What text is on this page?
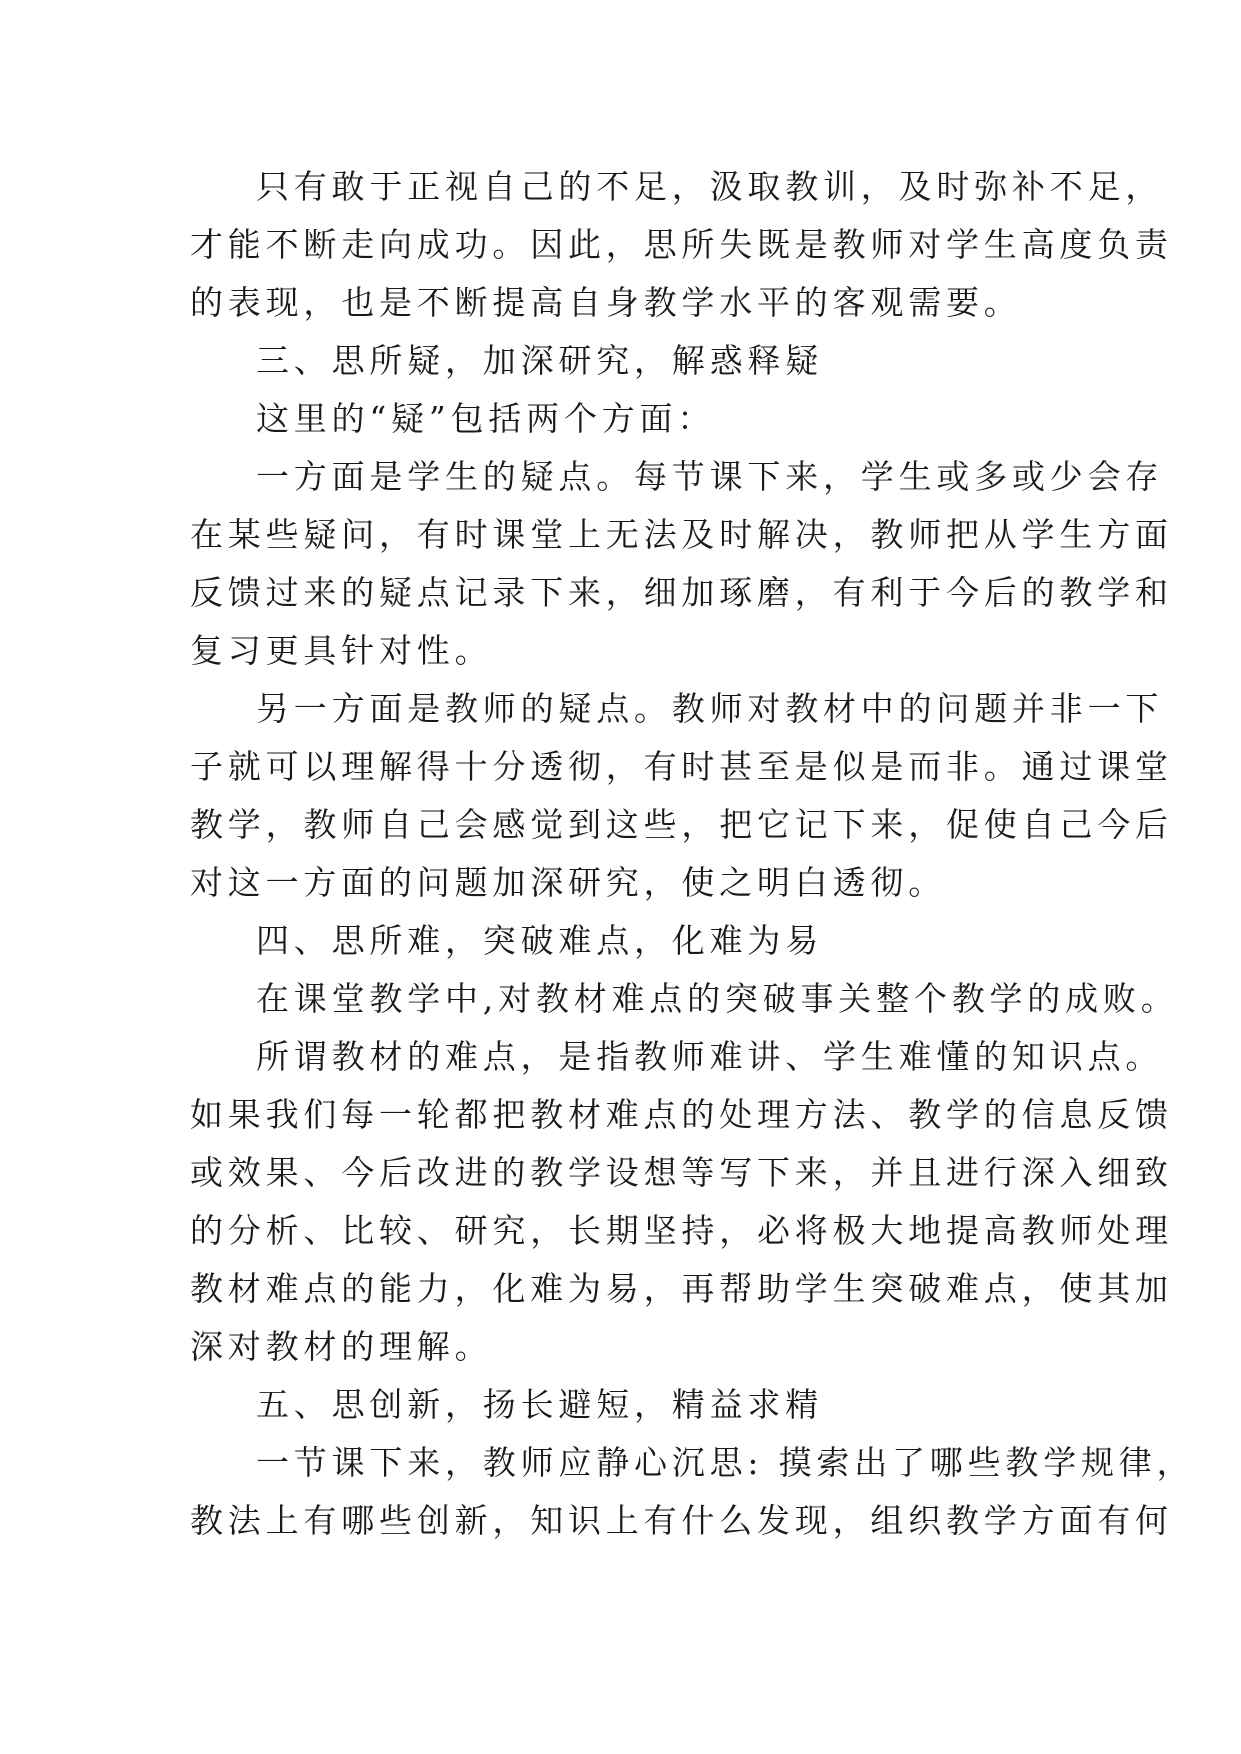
只有敢于正视自己的不足，汲取教训，及时弥补不足，
才能不断走向成功。因此，思所失既是教师对学生高度负责
的表现，也是不断提高自身教学水平的客观需要。
三、思所疑，加深研究，解惑释疑
这里的“疑”包括两个方面：
一方面是学生的疑点。每节课下来，学生或多或少会存
在某些疑问，有时课堂上无法及时解决，教师把从学生方面
反馈过来的疑点记录下来，细加琢磨，有利于今后的教学和
复习更具针对性。
另一方面是教师的疑点。教师对教材中的问题并非一下
子就可以理解得十分透彻，有时甚至是似是而非。通过课堂
教学，教师自己会感觉到这些，把它记下来，促使自己今后
对这一方面的问题加深研究，使之明白透彻。
四、思所难，突破难点，化难为易
在课堂教学中,对教材难点的突破事关整个教学的成败。
所谓教材的难点，是指教师难讲、学生难懂的知识点。
如果我们每一轮都把教材难点的处理方法、教学的信息反馈
或效果、今后改进的教学设想等写下来，并且进行深入细致
的分析、比较、研究，长期坚持，必将极大地提高教师处理
教材难点的能力，化难为易，再帮助学生突破难点，使其加
深对教材的理解。
五、思创新，扬长避短，精益求精
一节课下来，教师应静心沉思: 摸索出了哪些教学规律，
教法上有哪些创新，知识上有什么发现，组织教学方面有何
